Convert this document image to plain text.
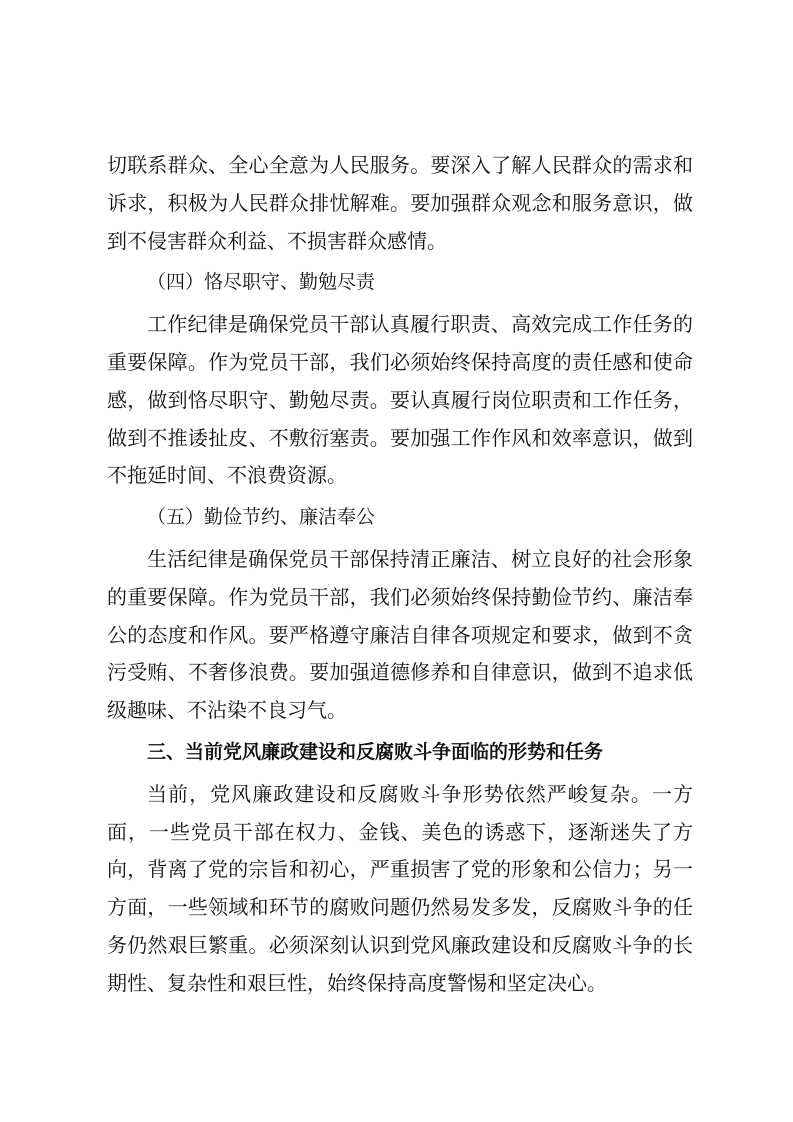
切联系群众、全心全意为人民服务。要深入了解人民群众的需求和诉求，积极为人民群众排忧解难。要加强群众观念和服务意识，做到不侵害群众利益、不损害群众感情。

（四）恪尽职守、勤勉尽责

工作纪律是确保党员干部认真履行职责、高效完成工作任务的重要保障。作为党员干部，我们必须始终保持高度的责任感和使命感，做到恪尽职守、勤勉尽责。要认真履行岗位职责和工作任务，做到不推诿扯皮、不敷衍塞责。要加强工作作风和效率意识，做到不拖延时间、不浪费资源。

（五）勤俭节约、廉洁奉公

生活纪律是确保党员干部保持清正廉洁、树立良好的社会形象的重要保障。作为党员干部，我们必须始终保持勤俭节约、廉洁奉公的态度和作风。要严格遵守廉洁自律各项规定和要求，做到不贪污受贿、不奢侈浪费。要加强道德修养和自律意识，做到不追求低级趣味、不沾染不良习气。

三、当前党风廉政建设和反腐败斗争面临的形势和任务

当前，党风廉政建设和反腐败斗争形势依然严峻复杂。一方面，一些党员干部在权力、金钱、美色的诱惑下，逐渐迷失了方向，背离了党的宗旨和初心，严重损害了党的形象和公信力；另一方面，一些领域和环节的腐败问题仍然易发多发，反腐败斗争的任务仍然艰巨繁重。必须深刻认识到党风廉政建设和反腐败斗争的长期性、复杂性和艰巨性，始终保持高度警惕和坚定决心。
